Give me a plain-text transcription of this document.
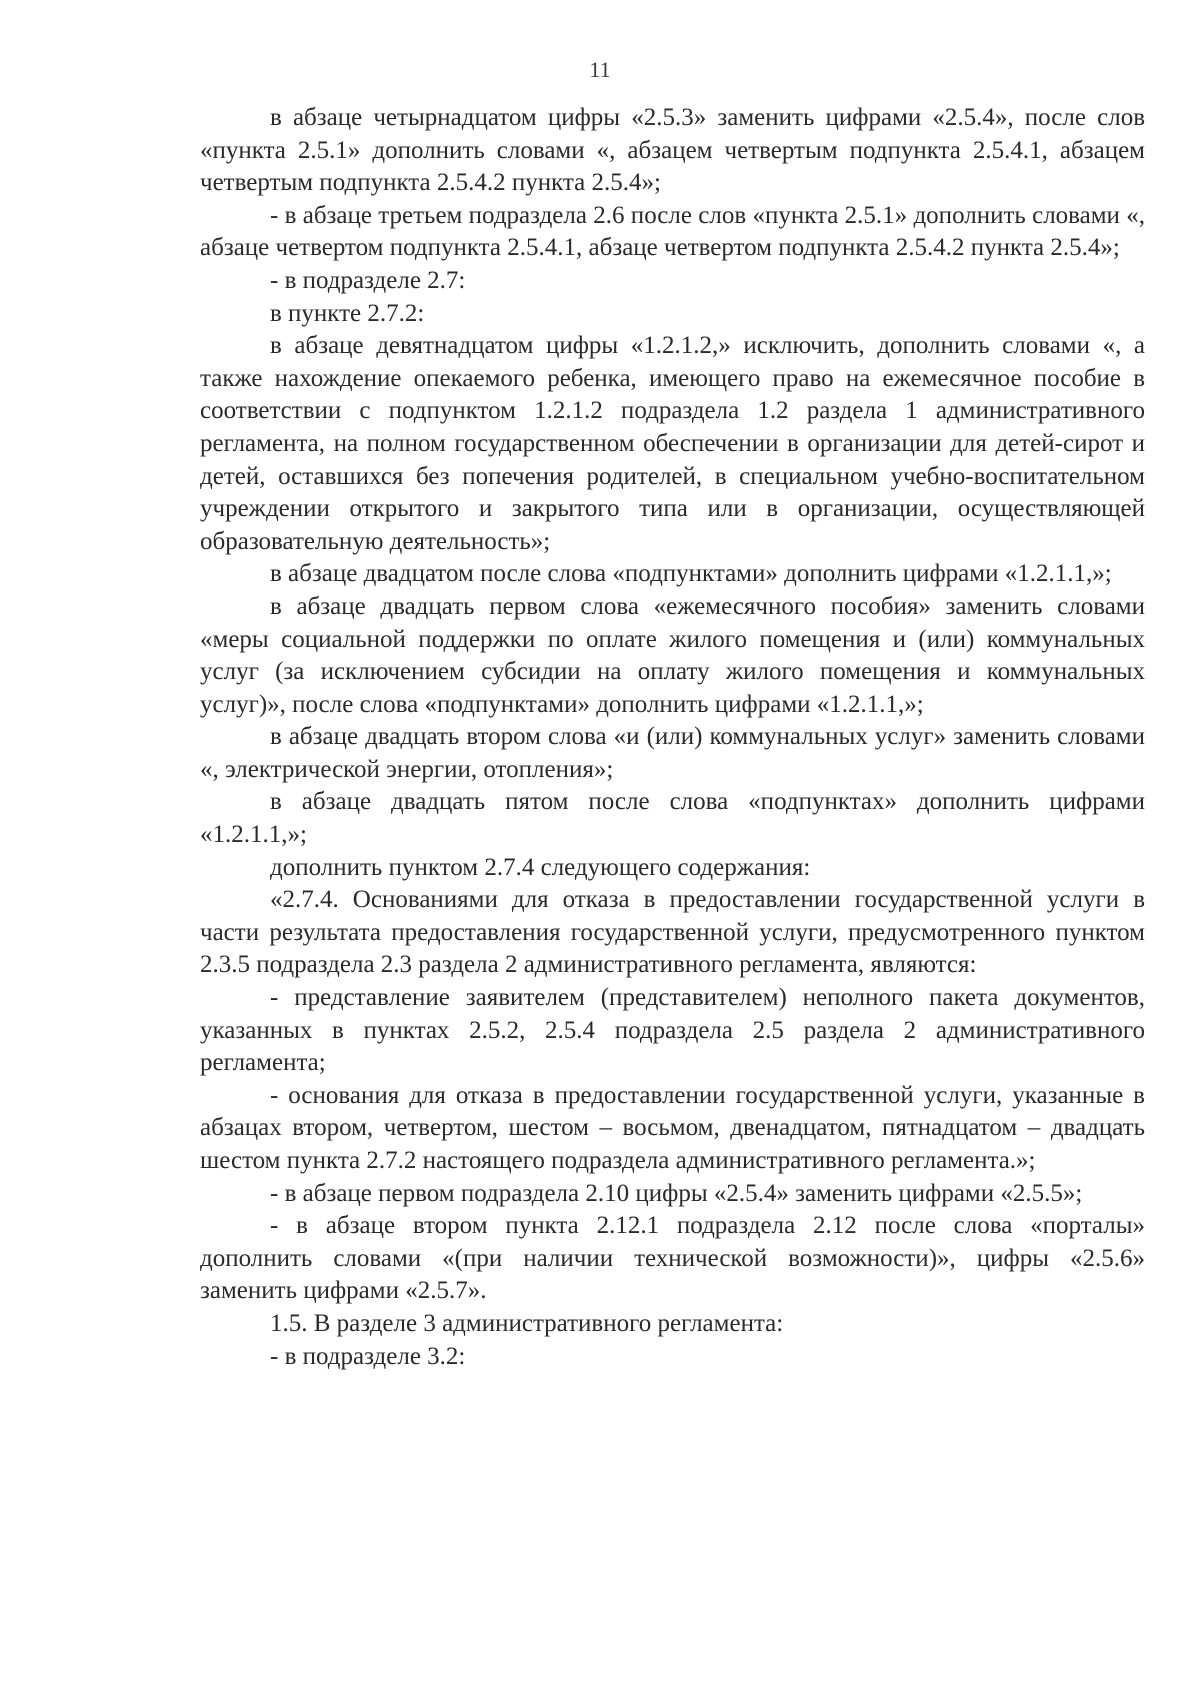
11

в абзаце четырнадцатом цифры «2.5.3» заменить цифрами «2.5.4», после слов «пункта 2.5.1» дополнить словами «, абзацем четвертым подпункта 2.5.4.1, абзацем четвертым подпункта 2.5.4.2 пункта 2.5.4»;

- в абзаце третьем подраздела 2.6 после слов «пункта 2.5.1» дополнить словами «, абзаце четвертом подпункта 2.5.4.1, абзаце четвертом подпункта 2.5.4.2 пункта 2.5.4»;

- в подразделе 2.7:

в пункте 2.7.2:

в абзаце девятнадцатом цифры «1.2.1.2,» исключить, дополнить словами «, а также нахождение опекаемого ребенка, имеющего право на ежемесячное пособие в соответствии с подпунктом 1.2.1.2 подраздела 1.2 раздела 1 административного регламента, на полном государственном обеспечении в организации для детей-сирот и детей, оставшихся без попечения родителей, в специальном учебно-воспитательном учреждении открытого и закрытого типа или в организации, осуществляющей образовательную деятельность»;

в абзаце двадцатом после слова «подпунктами» дополнить цифрами «1.2.1.1,»;

в абзаце двадцать первом слова «ежемесячного пособия» заменить словами «меры социальной поддержки по оплате жилого помещения и (или) коммунальных услуг (за исключением субсидии на оплату жилого помещения и коммунальных услуг)», после слова «подпунктами» дополнить цифрами «1.2.1.1,»;

в абзаце двадцать втором слова «и (или) коммунальных услуг» заменить словами «, электрической энергии, отопления»;

в абзаце двадцать пятом после слова «подпунктах» дополнить цифрами «1.2.1.1,»;

дополнить пунктом 2.7.4 следующего содержания:

«2.7.4. Основаниями для отказа в предоставлении государственной услуги в части результата предоставления государственной услуги, предусмотренного пунктом 2.3.5 подраздела 2.3 раздела 2 административного регламента, являются:

- представление заявителем (представителем) неполного пакета документов, указанных в пунктах 2.5.2, 2.5.4 подраздела 2.5 раздела 2 административного регламента;

- основания для отказа в предоставлении государственной услуги, указанные в абзацах втором, четвертом, шестом – восьмом, двенадцатом, пятнадцатом – двадцать шестом пункта 2.7.2 настоящего подраздела административного регламента.»;

- в абзаце первом подраздела 2.10 цифры «2.5.4» заменить цифрами «2.5.5»;

- в абзаце втором пункта 2.12.1 подраздела 2.12 после слова «порталы» дополнить словами «(при наличии технической возможности)», цифры «2.5.6» заменить цифрами «2.5.7».

1.5. В разделе 3 административного регламента:

- в подразделе 3.2:
